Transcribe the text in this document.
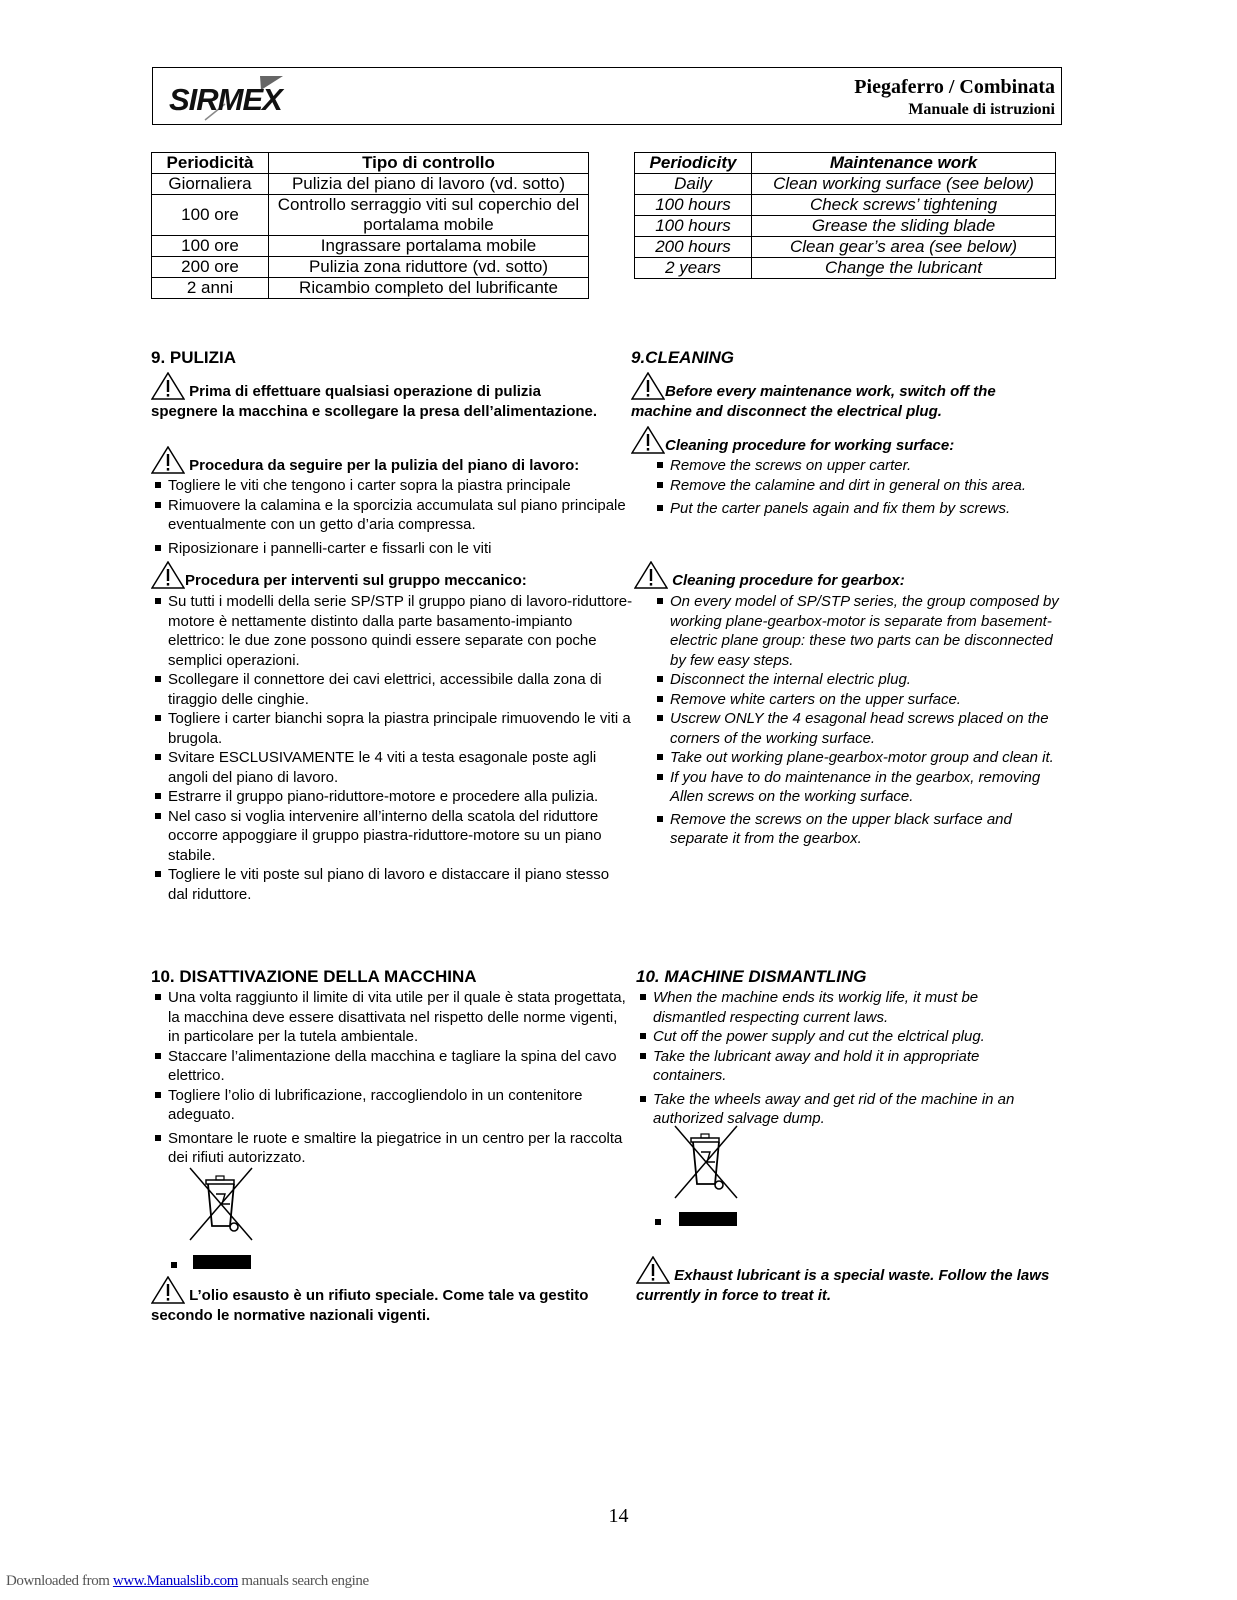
SIRMEX	Piegaferro / Combinata
Manuale di istruzioni
Periodicità	Tipo di controllo
Giornaliera	Pulizia del piano di lavoro (vd. sotto)
100 ore	Controllo serraggio viti sul coperchio del portalama mobile
100 ore	Ingrassare portalama mobile
200 ore	Pulizia zona riduttore (vd. sotto)
2 anni	Ricambio completo del lubrificante
Periodicity	Maintenance work
Daily	Clean working surface (see below)
100 hours	Check screws’ tightening
100 hours	Grease the sliding blade
200 hours	Clean gear’s area (see below)
2 years	Change the lubricant
9. PULIZIA
Prima di effettuare qualsiasi operazione di pulizia spegnere la macchina e scollegare la presa dell’alimentazione.
Procedura da seguire per la pulizia del piano di lavoro:
Togliere le viti che tengono i carter sopra la piastra principale
Rimuovere la calamina e la sporcizia accumulata sul piano principale eventualmente con un getto d’aria compressa.
Riposizionare i pannelli-carter e fissarli con le viti
Procedura per interventi sul gruppo meccanico:
Su tutti i modelli della serie SP/STP il gruppo piano di lavoro-riduttore-motore è nettamente distinto dalla parte basamento-impianto elettrico: le due zone possono quindi essere separate con poche semplici operazioni.
Scollegare il connettore dei cavi elettrici, accessibile dalla zona di tiraggio delle cinghie.
Togliere i carter bianchi sopra la piastra principale rimuovendo le viti a brugola.
Svitare ESCLUSIVAMENTE le 4 viti a testa esagonale poste agli angoli del piano di lavoro.
Estrarre il gruppo piano-riduttore-motore e procedere alla pulizia.
Nel caso si voglia intervenire all’interno della scatola del riduttore occorre appoggiare il gruppo piastra-riduttore-motore su un piano stabile.
Togliere le viti poste sul piano di lavoro e distaccare il piano stesso dal riduttore.
9.CLEANING
Before every maintenance work, switch off the machine and disconnect the electrical plug.
Cleaning procedure for working surface:
Remove the screws on upper carter.
Remove the calamine and dirt in general on this area.
Put the carter panels again and fix them by screws.
Cleaning procedure for gearbox:
On every model of SP/STP series, the group composed by working plane-gearbox-motor is separate from basement-electric plane group: these two parts can be disconnected by few easy steps.
Disconnect the internal electric plug.
Remove white carters on the upper surface.
Uscrew ONLY the 4 esagonal head screws placed on the corners of the working surface.
Take out working plane-gearbox-motor group and clean it.
If you have to do maintenance in the gearbox, removing Allen screws on the working surface.
Remove the screws on the upper black surface and separate it from the gearbox.
10. DISATTIVAZIONE DELLA MACCHINA
Una volta raggiunto il limite di vita utile per il quale è stata progettata, la macchina deve essere disattivata nel rispetto delle norme vigenti, in particolare per la tutela ambientale.
Staccare l’alimentazione della macchina e tagliare la spina del cavo elettrico.
Togliere l’olio di lubrificazione, raccogliendolo in un contenitore adeguato.
Smontare le ruote e smaltire la piegatrice in un centro per la raccolta dei rifiuti autorizzato.
L’olio esausto è un rifiuto speciale. Come tale va gestito secondo le normative nazionali vigenti.
10. MACHINE DISMANTLING
When the machine ends its workig life, it must be dismantled respecting current laws.
Cut off the power supply and cut the elctrical plug.
Take the lubricant away and hold it in appropriate containers.
Take the wheels away and get rid of the machine in an authorized salvage dump.
Exhaust lubricant is a special waste. Follow the laws currently in force to treat it.
14
Downloaded from www.Manualslib.com manuals search engine
